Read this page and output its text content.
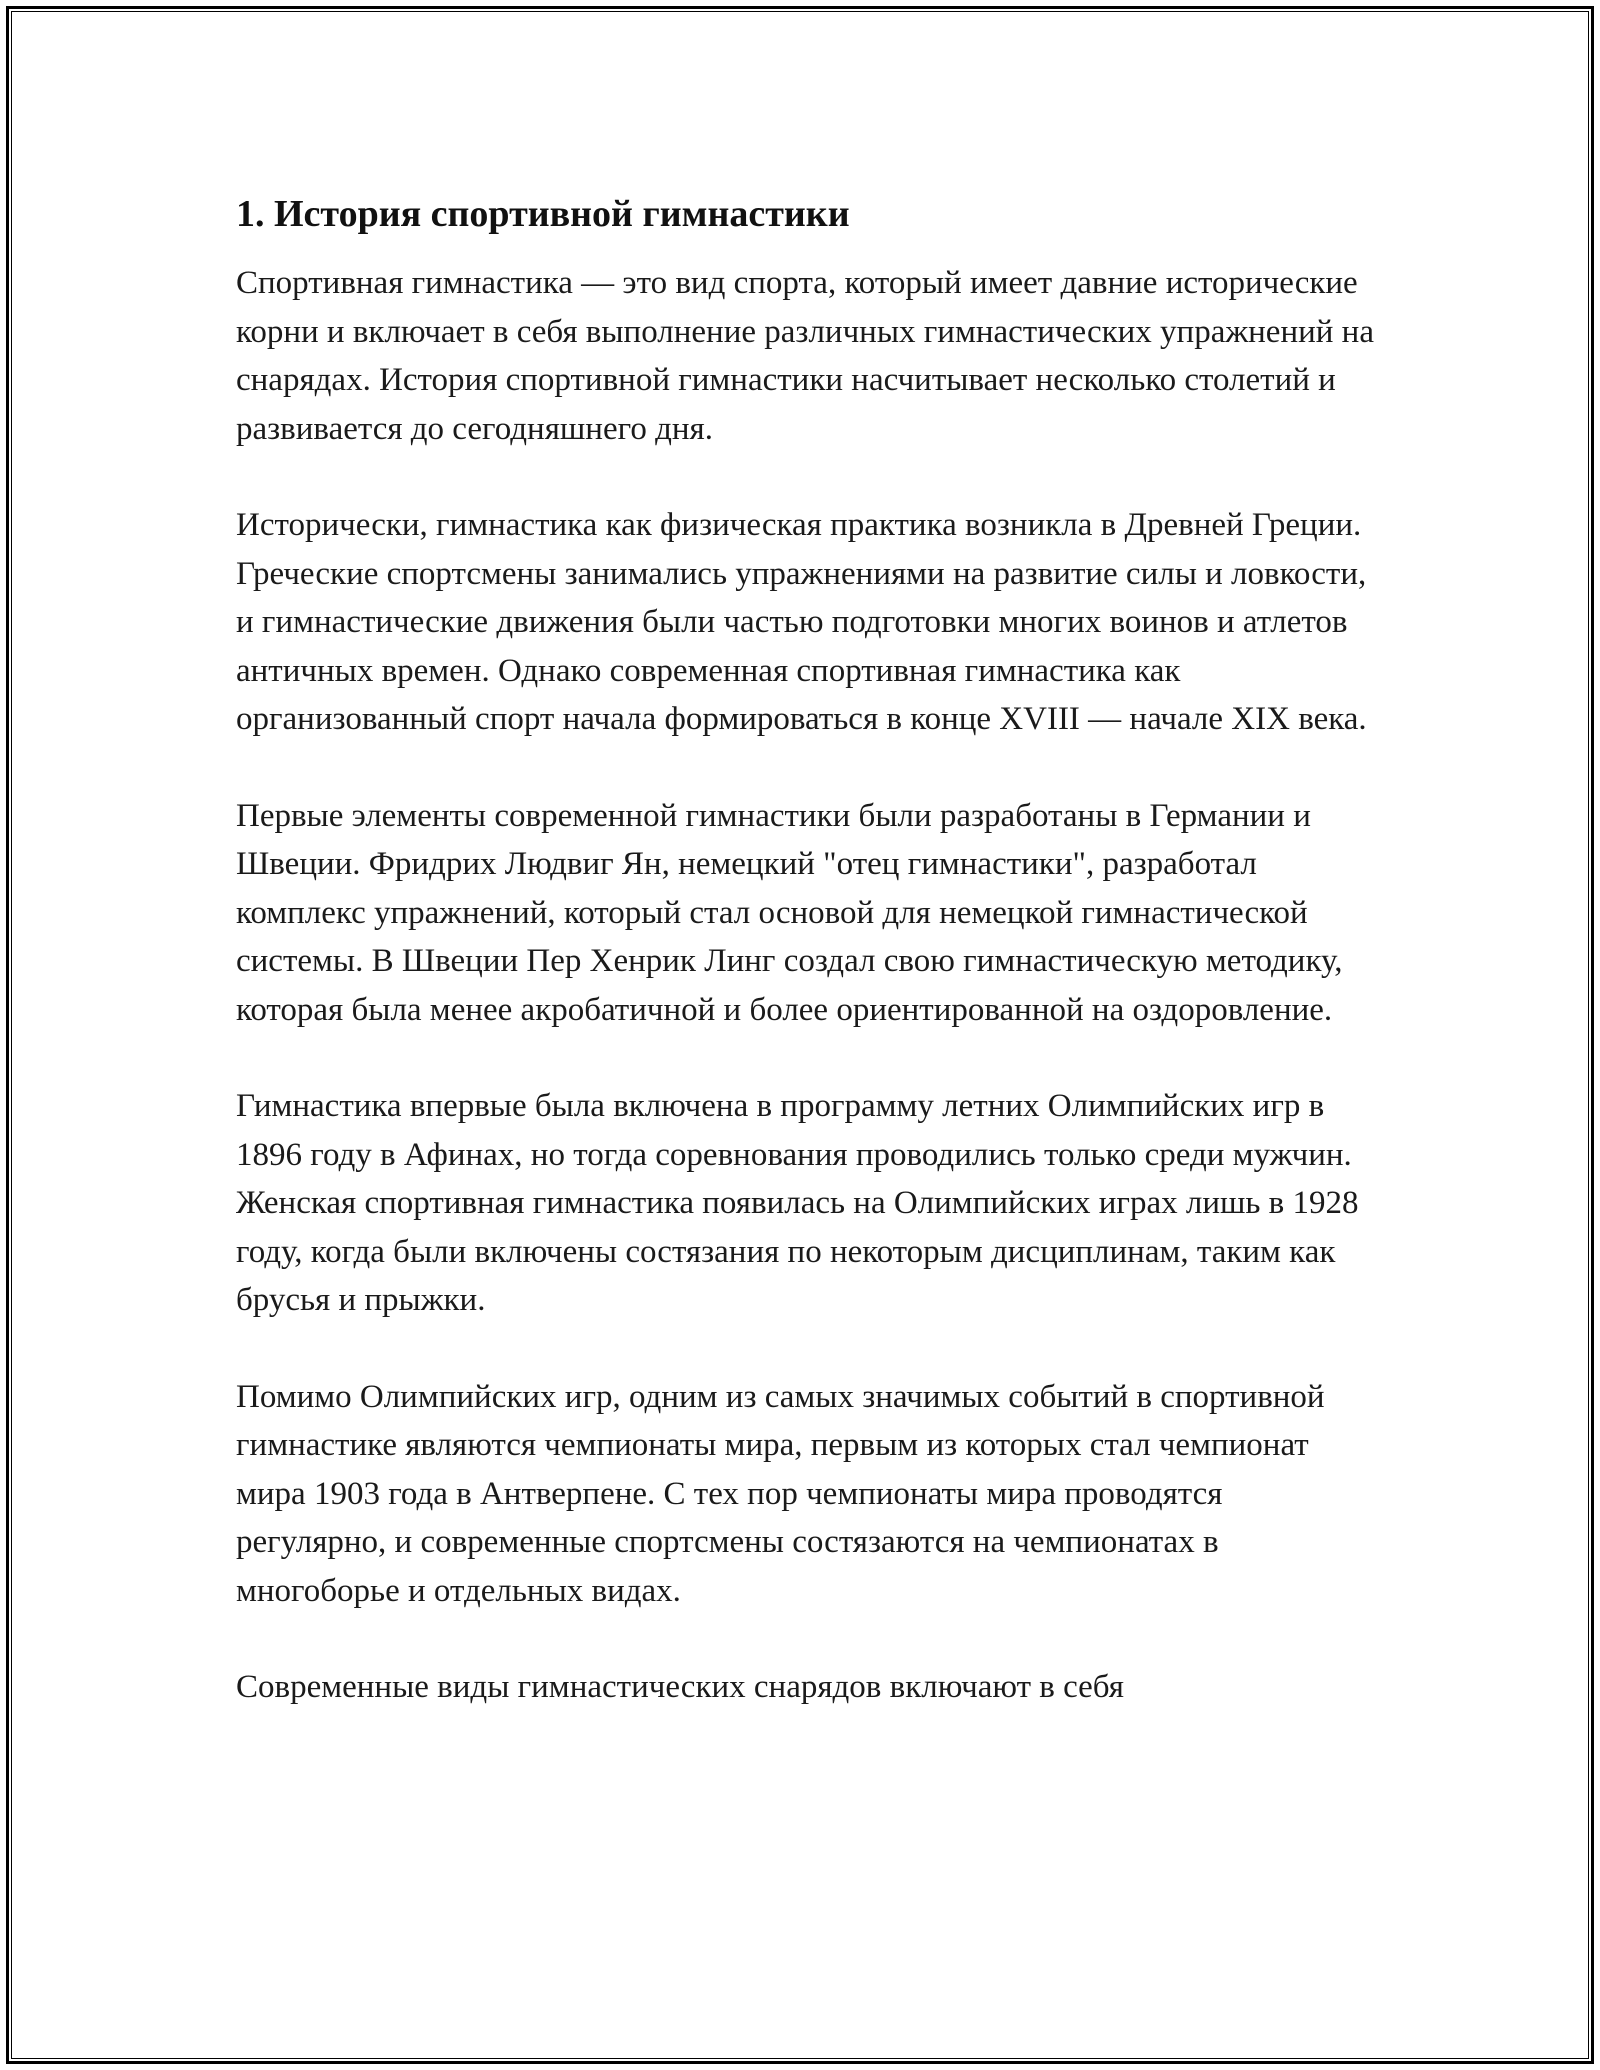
1. История спортивной гимнастики

Спортивная гимнастика — это вид спорта, который имеет давние исторические корни и включает в себя выполнение различных гимнастических упражнений на снарядах. История спортивной гимнастики насчитывает несколько столетий и развивается до сегодняшнего дня.

Исторически, гимнастика как физическая практика возникла в Древней Греции. Греческие спортсмены занимались упражнениями на развитие силы и ловкости, и гимнастические движения были частью подготовки многих воинов и атлетов античных времен. Однако современная спортивная гимнастика как организованный спорт начала формироваться в конце XVIII — начале XIX века.

Первые элементы современной гимнастики были разработаны в Германии и Швеции. Фридрих Людвиг Ян, немецкий "отец гимнастики", разработал комплекс упражнений, который стал основой для немецкой гимнастической системы. В Швеции Пер Хенрик Линг создал свою гимнастическую методику, которая была менее акробатичной и более ориентированной на оздоровление.

Гимнастика впервые была включена в программу летних Олимпийских игр в 1896 году в Афинах, но тогда соревнования проводились только среди мужчин. Женская спортивная гимнастика появилась на Олимпийских играх лишь в 1928 году, когда были включены состязания по некоторым дисциплинам, таким как брусья и прыжки.

Помимо Олимпийских игр, одним из самых значимых событий в спортивной гимнастике являются чемпионаты мира, первым из которых стал чемпионат мира 1903 года в Антверпене. С тех пор чемпионаты мира проводятся регулярно, и современные спортсмены состязаются на чемпионатах в многоборье и отдельных видах.

Современные виды гимнастических снарядов включают в себя
